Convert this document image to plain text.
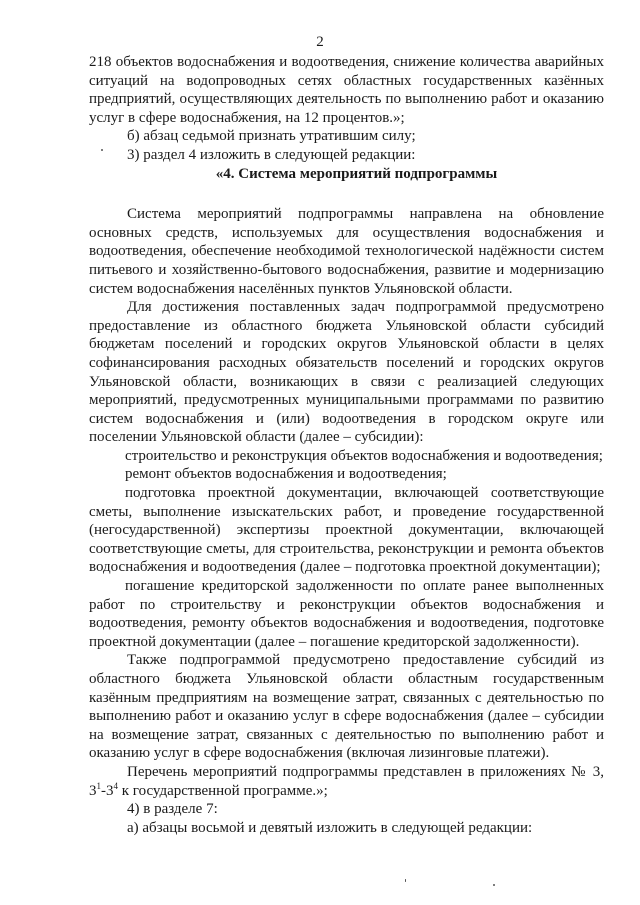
2

218 объектов водоснабжения и водоотведения, снижение количества аварийных ситуаций на водопроводных сетях областных государственных казённых предприятий, осуществляющих деятельность по выполнению работ и оказанию услуг в сфере водоснабжения, на 12 процентов.»;

б) абзац седьмой признать утратившим силу;

3) раздел 4 изложить в следующей редакции:

«4. Система мероприятий подпрограммы

Система мероприятий подпрограммы направлена на обновление основных средств, используемых для осуществления водоснабжения и водоотведения, обеспечение необходимой технологической надёжности систем питьевого и хозяйственно-бытового водоснабжения, развитие и модернизацию систем водоснабжения населённых пунктов Ульяновской области.

Для достижения поставленных задач подпрограммой предусмотрено предоставление из областного бюджета Ульяновской области субсидий бюджетам поселений и городских округов Ульяновской области в целях софинансирования расходных обязательств поселений и городских округов Ульяновской области, возникающих в связи с реализацией следующих мероприятий, предусмотренных муниципальными программами по развитию систем водоснабжения и (или) водоотведения в городском округе или поселении Ульяновской области (далее – субсидии):

строительство и реконструкция объектов водоснабжения и водоотведения;

ремонт объектов водоснабжения и водоотведения;

подготовка проектной документации, включающей соответствующие сметы, выполнение изыскательских работ, и проведение государственной (негосударственной) экспертизы проектной документации, включающей соответствующие сметы, для строительства, реконструкции и ремонта объектов водоснабжения и водоотведения (далее – подготовка проектной документации);

погашение кредиторской задолженности по оплате ранее выполненных работ по строительству и реконструкции объектов водоснабжения и водоотведения, ремонту объектов водоснабжения и водоотведения, подготовке проектной документации (далее – погашение кредиторской задолженности).

Также подпрограммой предусмотрено предоставление субсидий из областного бюджета Ульяновской области областным государственным казённым предприятиям на возмещение затрат, связанных с деятельностью по выполнению работ и оказанию услуг в сфере водоснабжения (далее – субсидии на возмещение затрат, связанных с деятельностью по выполнению работ и оказанию услуг в сфере водоснабжения (включая лизинговые платежи).

Перечень мероприятий подпрограммы представлен в приложениях № 3, $3^1-3^4$ к государственной программе.»;

4) в разделе 7:

а) абзацы восьмой и девятый изложить в следующей редакции:
